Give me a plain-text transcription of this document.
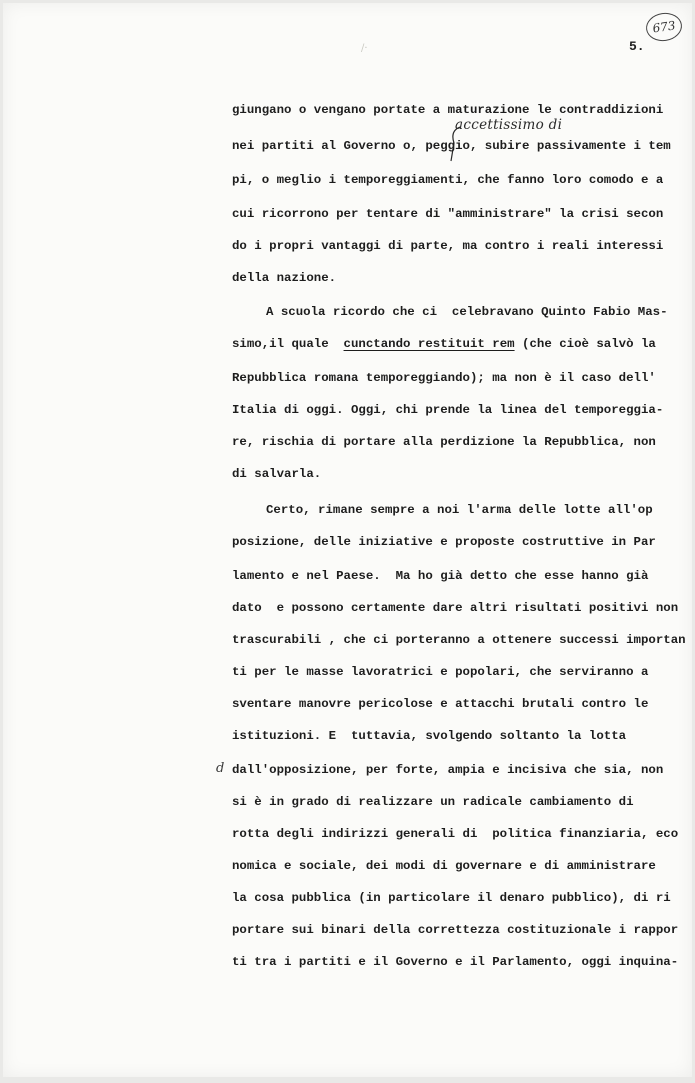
673
5.
/·
accettissimo di
d
giungano o vengano portate a maturazione le contraddizioni
nei partiti al Governo o, peggio, subire passivamente i tem
pi, o meglio i temporeggiamenti, che fanno loro comodo e a
cui ricorrono per tentare di "amministrare" la crisi secon
do i propri vantaggi di parte, ma contro i reali interessi
della nazione.
A scuola ricordo che ci  celebravano Quinto Fabio Mas-
simo,il quale  cunctando restituit rem (che cioè salvò la
Repubblica romana temporeggiando); ma non è il caso dell'
Italia di oggi. Oggi, chi prende la linea del temporeggia-
re, rischia di portare alla perdizione la Repubblica, non
di salvarla.
Certo, rimane sempre a noi l'arma delle lotte all'op
posizione, delle iniziative e proposte costruttive in Par
lamento e nel Paese.  Ma ho già detto che esse hanno già
dato  e possono certamente dare altri risultati positivi non
trascurabili , che ci porteranno a ottenere successi importan
ti per le masse lavoratrici e popolari, che serviranno a
sventare manovre pericolose e attacchi brutali contro le
istituzioni. E  tuttavia, svolgendo soltanto la lotta
dall'opposizione, per forte, ampia e incisiva che sia, non
si è in grado di realizzare un radicale cambiamento di
rotta degli indirizzi generali di  politica finanziaria, eco
nomica e sociale, dei modi di governare e di amministrare
la cosa pubblica (in particolare il denaro pubblico), di ri
portare sui binari della correttezza costituzionale i rappor
ti tra i partiti e il Governo e il Parlamento, oggi inquina-
